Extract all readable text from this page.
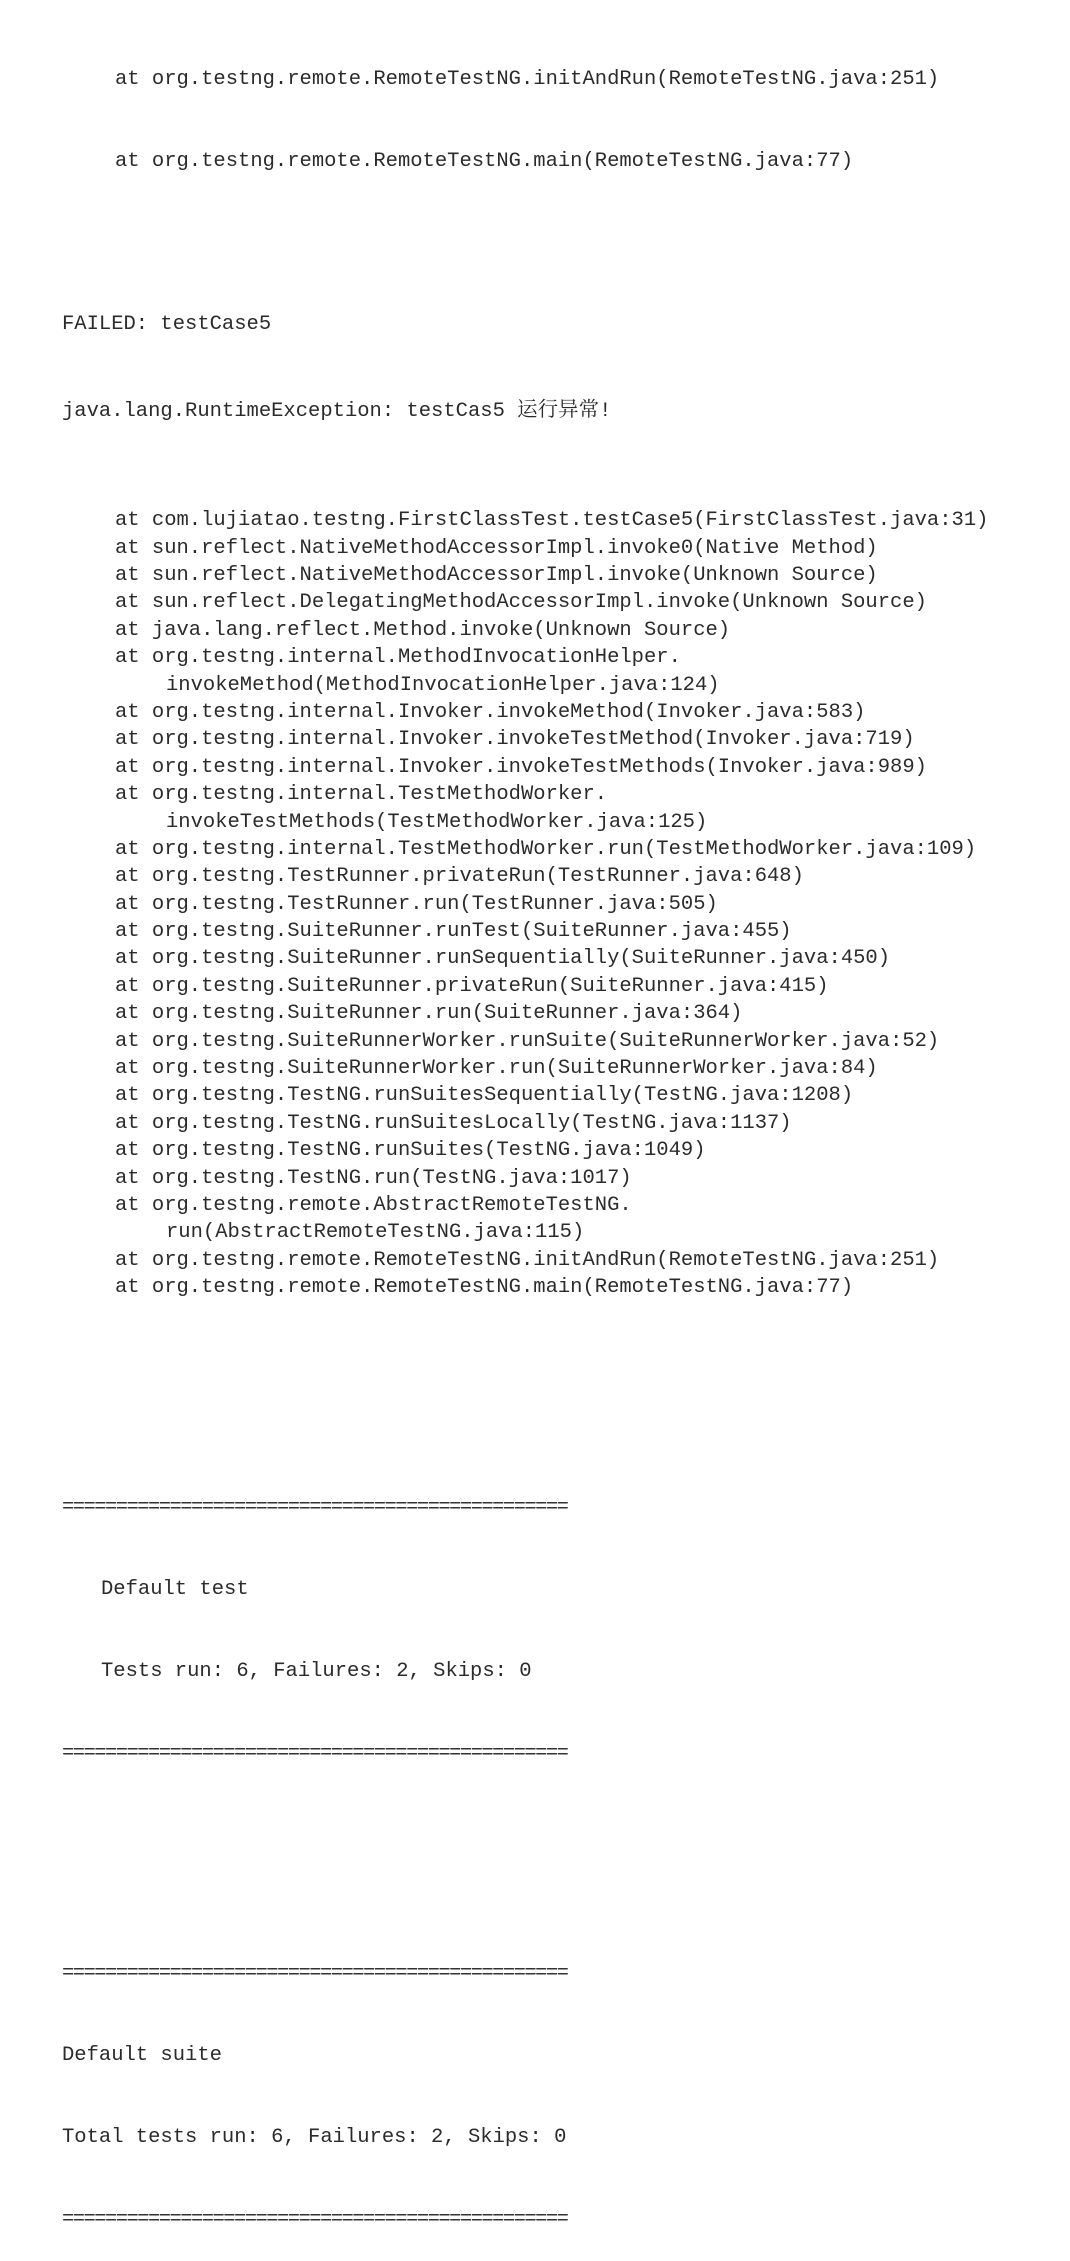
at org.testng.remote.RemoteTestNG.initAndRun(RemoteTestNG.java:251)

at org.testng.remote.RemoteTestNG.main(RemoteTestNG.java:77)

FAILED: testCase5

java.lang.RuntimeException: testCas5 运行异常!

at com.lujiatao.testng.FirstClassTest.testCase5(FirstClassTest.java:31)
at sun.reflect.NativeMethodAccessorImpl.invoke0(Native Method)
at sun.reflect.NativeMethodAccessorImpl.invoke(Unknown Source)
at sun.reflect.DelegatingMethodAccessorImpl.invoke(Unknown Source)
at java.lang.reflect.Method.invoke(Unknown Source)
at org.testng.internal.MethodInvocationHelper.
invokeMethod(MethodInvocationHelper.java:124)
at org.testng.internal.Invoker.invokeMethod(Invoker.java:583)
at org.testng.internal.Invoker.invokeTestMethod(Invoker.java:719)
at org.testng.internal.Invoker.invokeTestMethods(Invoker.java:989)
at org.testng.internal.TestMethodWorker.
invokeTestMethods(TestMethodWorker.java:125)
at org.testng.internal.TestMethodWorker.run(TestMethodWorker.java:109)
at org.testng.TestRunner.privateRun(TestRunner.java:648)
at org.testng.TestRunner.run(TestRunner.java:505)
at org.testng.SuiteRunner.runTest(SuiteRunner.java:455)
at org.testng.SuiteRunner.runSequentially(SuiteRunner.java:450)
at org.testng.SuiteRunner.privateRun(SuiteRunner.java:415)
at org.testng.SuiteRunner.run(SuiteRunner.java:364)
at org.testng.SuiteRunnerWorker.runSuite(SuiteRunnerWorker.java:52)
at org.testng.SuiteRunnerWorker.run(SuiteRunnerWorker.java:84)
at org.testng.TestNG.runSuitesSequentially(TestNG.java:1208)
at org.testng.TestNG.runSuitesLocally(TestNG.java:1137)
at org.testng.TestNG.runSuites(TestNG.java:1049)
at org.testng.TestNG.run(TestNG.java:1017)
at org.testng.remote.AbstractRemoteTestNG.
run(AbstractRemoteTestNG.java:115)
at org.testng.remote.RemoteTestNG.initAndRun(RemoteTestNG.java:251)
at org.testng.remote.RemoteTestNG.main(RemoteTestNG.java:77)

===============================================

Default test

Tests run: 6, Failures: 2, Skips: 0

===============================================

===============================================

Default suite

Total tests run: 6, Failures: 2, Skips: 0

===============================================
